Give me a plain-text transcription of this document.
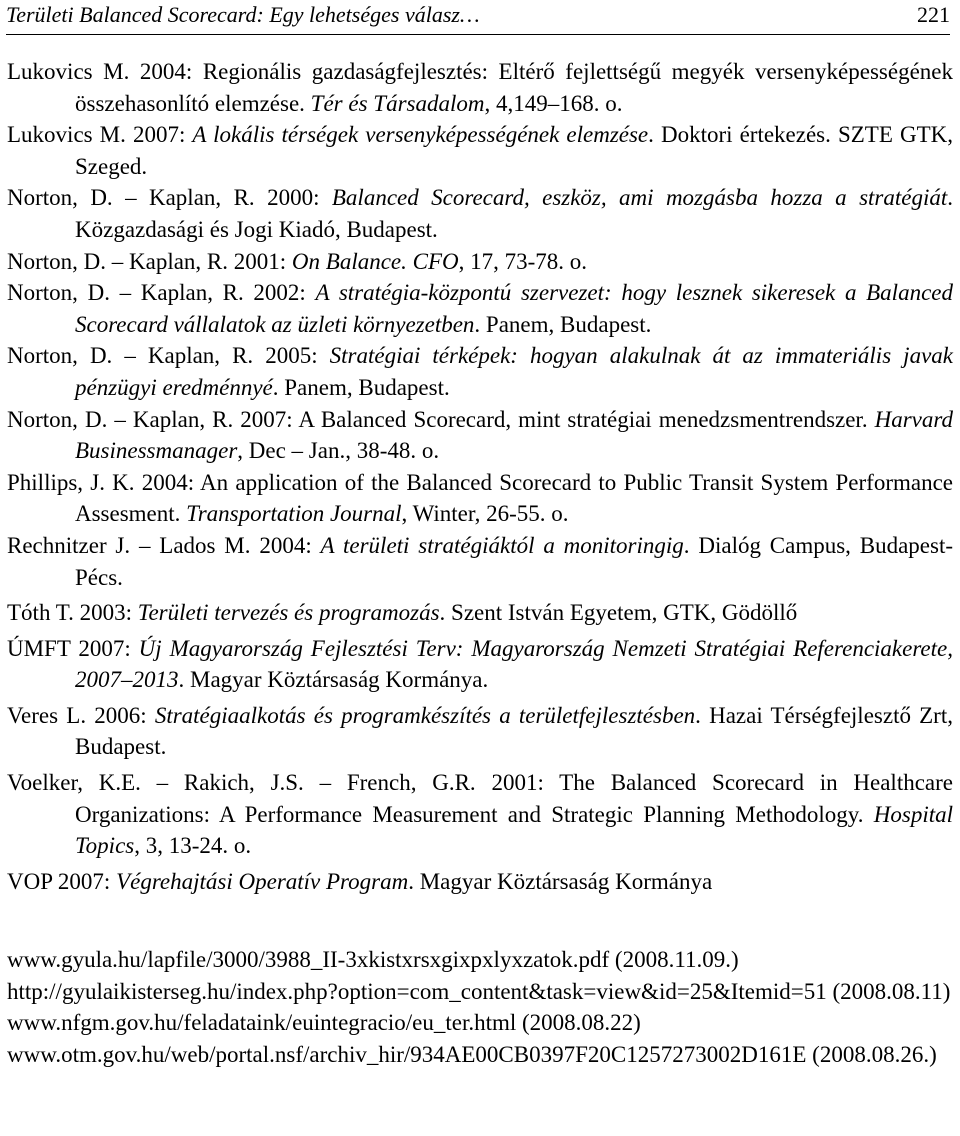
Területi Balanced Scorecard: Egy lehetséges válasz…	221

Lukovics M. 2004: Regionális gazdaságfejlesztés: Eltérő fejlettségű megyék versenyképességének összehasonlító elemzése. Tér és Társadalom, 4,149–168. o.

Lukovics M. 2007: A lokális térségek versenyképességének elemzése. Doktori értekezés. SZTE GTK, Szeged.

Norton, D. – Kaplan, R. 2000: Balanced Scorecard, eszköz, ami mozgásba hozza a stratégiát. Közgazdasági és Jogi Kiadó, Budapest.

Norton, D. – Kaplan, R. 2001: On Balance. CFO, 17, 73-78. o.

Norton, D. – Kaplan, R. 2002: A stratégia-központú szervezet: hogy lesznek sikeresek a Balanced Scorecard vállalatok az üzleti környezetben. Panem, Budapest.

Norton, D. – Kaplan, R. 2005: Stratégiai térképek: hogyan alakulnak át az immateriális javak pénzügyi eredménnyé. Panem, Budapest.

Norton, D. – Kaplan, R. 2007: A Balanced Scorecard, mint stratégiai menedzsmentrendszer. Harvard Businessmanager, Dec – Jan., 38-48. o.

Phillips, J. K. 2004: An application of the Balanced Scorecard to Public Transit System Performance Assesment. Transportation Journal, Winter, 26-55. o.

Rechnitzer J. – Lados M. 2004: A területi stratégiáktól a monitoringig. Dialóg Campus, Budapest-Pécs.

Tóth T. 2003: Területi tervezés és programozás. Szent István Egyetem, GTK, Gödöllő

ÚMFT 2007: Új Magyarország Fejlesztési Terv: Magyarország Nemzeti Stratégiai Referenciakerete, 2007–2013. Magyar Köztársaság Kormánya.

Veres L. 2006: Stratégiaalkotás és programkészítés a területfejlesztésben. Hazai Térségfejlesztő Zrt, Budapest.

Voelker, K.E. – Rakich, J.S. – French, G.R. 2001: The Balanced Scorecard in Healthcare Organizations: A Performance Measurement and Strategic Planning Methodology. Hospital Topics, 3, 13-24. o.

VOP 2007: Végrehajtási Operatív Program. Magyar Köztársaság Kormánya

www.gyula.hu/lapfile/3000/3988_II-3xkistxrsxgixpxlyxzatok.pdf (2008.11.09.)

http://gyulaikisterseg.hu/index.php?option=com_content&task=view&id=25&Itemid=51 (2008.08.11)

www.nfgm.gov.hu/feladataink/euintegracio/eu_ter.html (2008.08.22)

www.otm.gov.hu/web/portal.nsf/archiv_hir/934AE00CB0397F20C1257273002D161E (2008.08.26.)
